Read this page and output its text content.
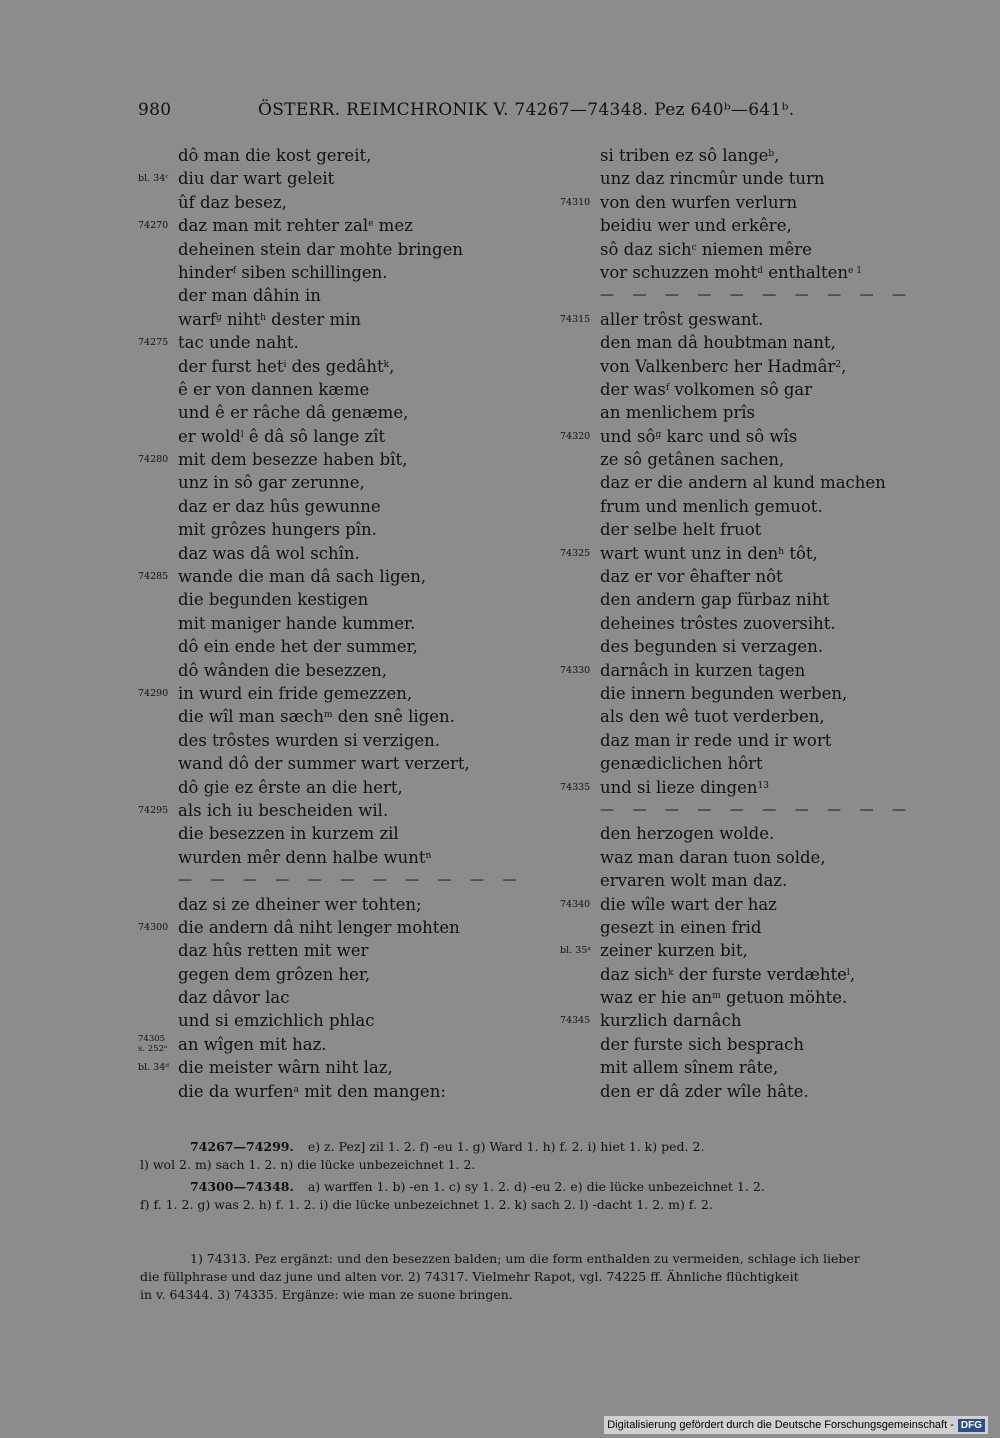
980	ÖSTERR. REIMCHRONIK V. 74267—74348. Pez 640ᵇ—641ᵇ.
dô man die kost gereit,
bl. 34ᶜ diu dar wart geleit
ûf daz besez,
74270 daz man mit rehter zal$^e$ mez
deheinen stein dar mohte bringen
hinder$^f$ siben schillingen.
der man dâhin in
warf$^g$ niht$^h$ dester min
74275 tac unde naht.
der furst het$^i$ des gedâht$^k$,
ê er von dannen kæme
und ê er râche dâ genæme,
er wold$^l$ ê dâ sô lange zît
74280 mit dem besezze haben bît,
unz in sô gar zerunne,
daz er daz hûs gewunne
mit grôzes hungers pîn.
daz was dâ wol schîn.
74285 wande die man dâ sach ligen,
die begunden kestigen
mit maniger hande kummer.
dô ein ende het der summer,
dô wânden die besezzen,
74290 in wurd ein fride gemezzen,
die wîl man sæch$^m$ den snê ligen.
des trôstes wurden si verzigen.
wand dô der summer wart verzert,
dô gie ez êrste an die hert,
74295 als ich iu bescheiden wil.
die besezzen in kurzem zil
wurden mêr denn halbe wunt$^n$
— — — — — — — — — — —
daz si ze dheiner wer tohten;
74300 die andern dâ niht lenger mohten
daz hûs retten mit wer
gegen dem grôzen her,
daz dâvor lac
und si emzichlich phlac
74305
s. 252ᵃ an wîgen mit haz.
bl. 34ᵈ die meister wârn niht laz,
die da wurfen$^a$ mit den mangen:
si triben ez sô lange$^b$,
unz daz rincmûr unde turn
74310 von den wurfen verlurn
beidiu wer und erkêre,
sô daz sich$^c$ niemen mêre
vor schuzzen moht$^d$ enthalten$^{e 1}$
— — — — — — — — — —
74315 aller trôst geswant.
den man dâ houbtman nant,
von Valkenberc her Hadmâr$^2$,
der was$^f$ volkomen sô gar
an menlichem prîs
74320 und $sô^g$ karc und sô wîs
ze sô getânen sachen,
daz er die andern al kund machen
frum und menlich gemuot.
der selbe helt fruot
74325 wart wunt unz in den$^h$ tôt,
daz er vor êhafter nôt
den andern gap fürbaz niht
deheines trôstes zuoversiht.
des begunden si verzagen.
74330 darnâch in kurzen tagen
die innern begunden werben,
als den wê tuot verderben,
daz man ir rede und ir wort
genædiclichen hôrt
74335 und si lieze dingen$^{13}$
— — — — — — — — — —
den herzogen wolde.
waz man daran tuon solde,
ervaren wolt man daz.
74340 die wîle wart der haz
gesezt in einen frid
bl. 35ᵃ zeiner kurzen bit,
daz sich$^k$ der furste verdæhte$^l$,
waz er hie $an^m$ getuon möhte.
74345 kurzlich darnâch
der furste sich besprach
mit allem sînem râte,
den er dâ zder wîle hâte.
74267—74299. e) z. Pez] zil 1. 2. f) -eu 1. g) Ward 1. h) f. 2. i) hiet 1. k) ped. 2.
l) wol 2. m) sach 1. 2. n) die lücke unbezeichnet 1. 2.
74300—74348. a) warffen 1. b) -en 1. c) sy 1. 2. d) -eu 2. e) die lücke unbezeichnet 1. 2.
f) f. 1. 2. g) was 2. h) f. 1. 2. i) die lücke unbezeichnet 1. 2. k) sach 2. l) -dacht 1. 2. m) f. 2.
1) 74313. Pez ergänzt: und den besezzen balden; um die form enthalden zu vermeiden, schlage ich lieber
die füllphrase und daz june und alten vor. 2) 74317. Vielmehr Rapot, vgl. 74225 ff. Ähnliche flüchtigkeit
in v. 64344. 3) 74335. Ergänze: wie man ze suone bringen.
Digitalisierung gefördert durch die Deutsche Forschungsgemeinschaft - DFG
